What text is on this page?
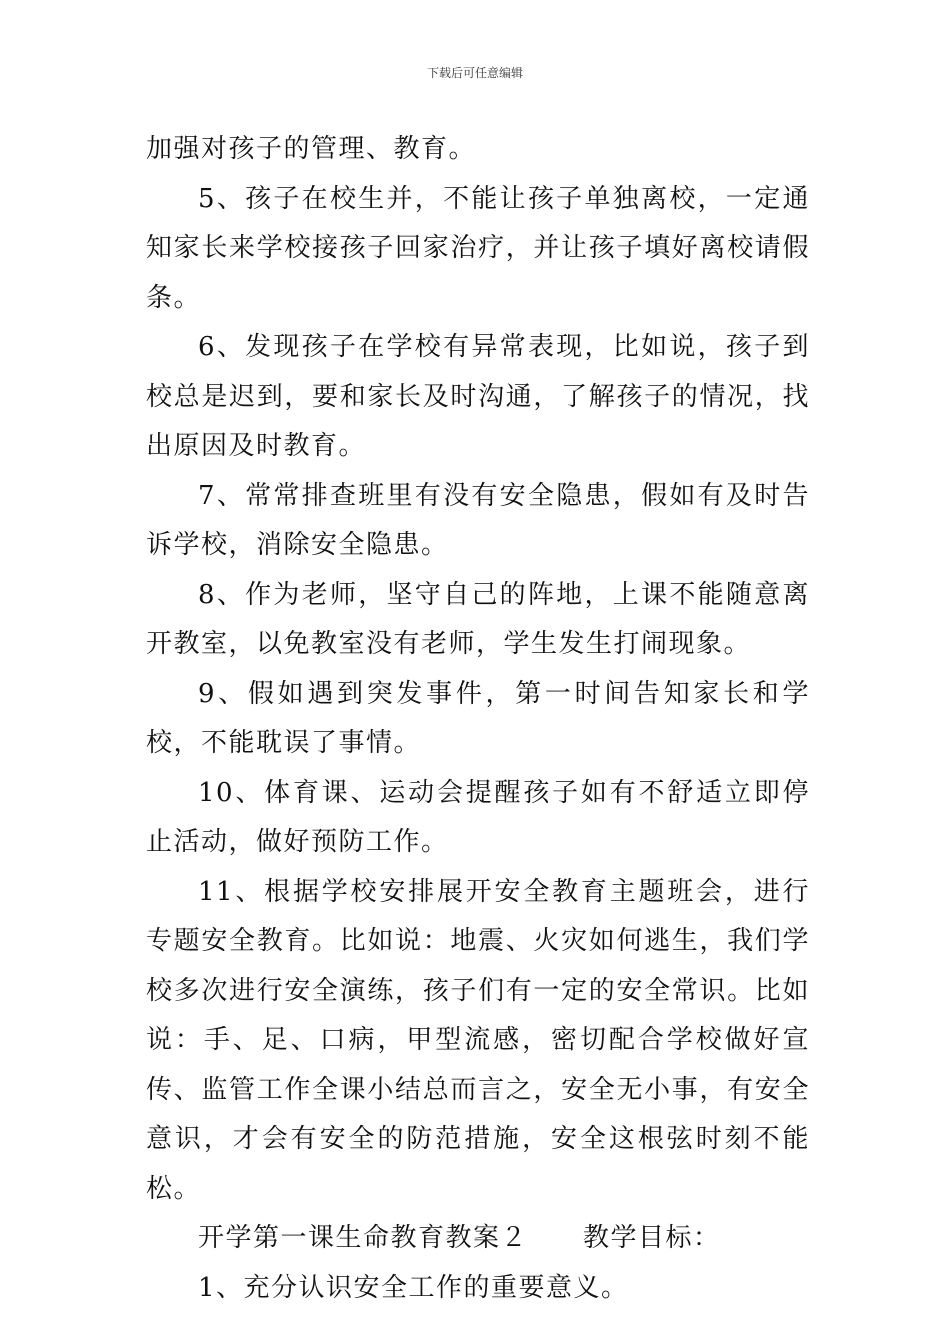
下载后可任意编辑

加强对孩子的管理、教育。

5、孩子在校生并，不能让孩子单独离校，一定通知家长来学校接孩子回家治疗，并让孩子填好离校请假条。

6、发现孩子在学校有异常表现，比如说，孩子到校总是迟到，要和家长及时沟通，了解孩子的情况，找出原因及时教育。

7、常常排查班里有没有安全隐患，假如有及时告诉学校，消除安全隐患。

8、作为老师，坚守自己的阵地，上课不能随意离开教室，以免教室没有老师，学生发生打闹现象。

9、假如遇到突发事件，第一时间告知家长和学校，不能耽误了事情。

10、体育课、运动会提醒孩子如有不舒适立即停止活动，做好预防工作。

11、根据学校安排展开安全教育主题班会，进行专题安全教育。比如说：地震、火灾如何逃生，我们学校多次进行安全演练，孩子们有一定的安全常识。比如说：手、足、口病，甲型流感，密切配合学校做好宣传、监管工作全课小结总而言之，安全无小事，有安全意识，才会有安全的防范措施，安全这根弦时刻不能松。

开学第一课生命教育教案２　　教学目标：

1、充分认识安全工作的重要意义。
